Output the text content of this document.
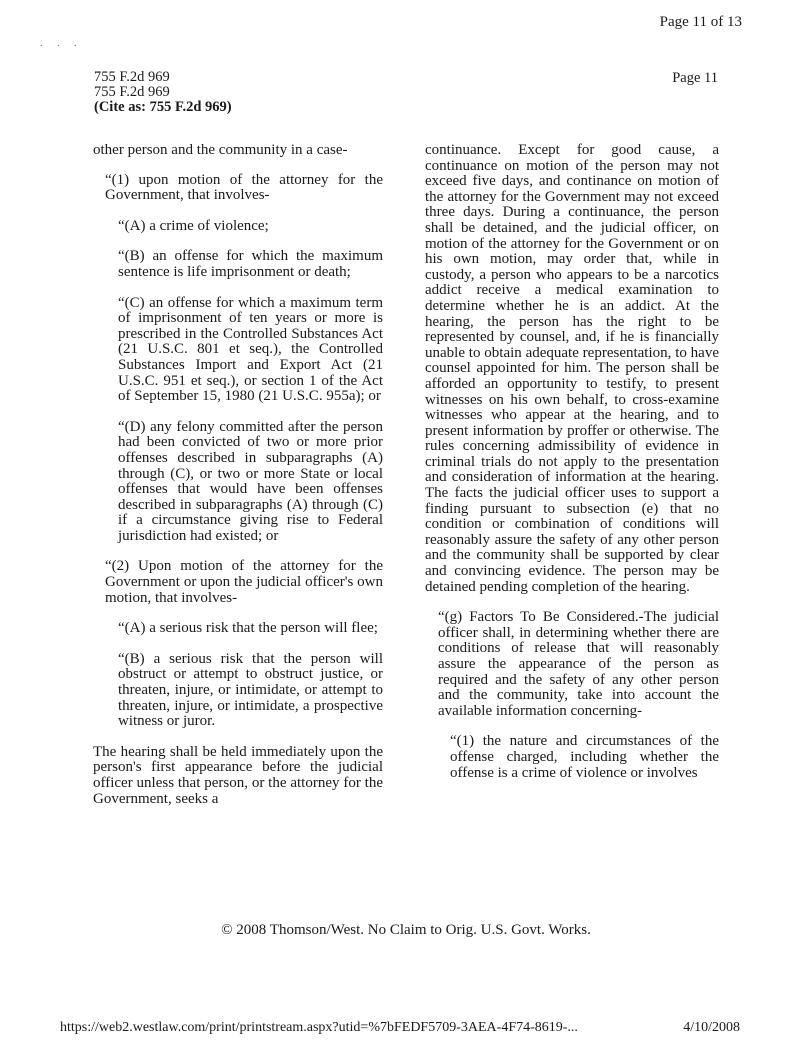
Page 11 of 13
. . .
755 F.2d 969
755 F.2d 969
(Cite as: 755 F.2d 969)
Page 11

other person and the community in a case-

“(1) upon motion of the attorney for the Government, that involves-

“(A) a crime of violence;

“(B) an offense for which the maximum sentence is life imprisonment or death;

“(C) an offense for which a maximum term of imprisonment of ten years or more is prescribed in the Controlled Substances Act (21 U.S.C. 801 et seq.), the Controlled Substances Import and Export Act (21 U.S.C. 951 et seq.), or section 1 of the Act of September 15, 1980 (21 U.S.C. 955a); or

“(D) any felony committed after the person had been convicted of two or more prior offenses described in subparagraphs (A) through (C), or two or more State or local offenses that would have been offenses described in subparagraphs (A) through (C) if a circumstance giving rise to Federal jurisdiction had existed; or

“(2) Upon motion of the attorney for the Government or upon the judicial officer's own motion, that involves-

“(A) a serious risk that the person will flee;

“(B) a serious risk that the person will obstruct or attempt to obstruct justice, or threaten, injure, or intimidate, or attempt to threaten, injure, or intimidate, a prospective witness or juror.

The hearing shall be held immediately upon the person's first appearance before the judicial officer unless that person, or the attorney for the Government, seeks a

continuance. Except for good cause, a continuance on motion of the person may not exceed five days, and continance on motion of the attorney for the Government may not exceed three days. During a continuance, the person shall be detained, and the judicial officer, on motion of the attorney for the Government or on his own motion, may order that, while in custody, a person who appears to be a narcotics addict receive a medical examination to determine whether he is an addict. At the hearing, the person has the right to be represented by counsel, and, if he is financially unable to obtain adequate representation, to have counsel appointed for him. The person shall be afforded an opportunity to testify, to present witnesses on his own behalf, to cross-examine witnesses who appear at the hearing, and to present information by proffer or otherwise. The rules concerning admissibility of evidence in criminal trials do not apply to the presentation and consideration of information at the hearing. The facts the judicial officer uses to support a finding pursuant to subsection (e) that no condition or combination of conditions will reasonably assure the safety of any other person and the community shall be supported by clear and convincing evidence. The person may be detained pending completion of the hearing.

“(g) Factors To Be Considered.-The judicial officer shall, in determining whether there are conditions of release that will reasonably assure the appearance of the person as required and the safety of any other person and the community, take into account the available information concerning-

“(1) the nature and circumstances of the offense charged, including whether the offense is a crime of violence or involves

© 2008 Thomson/West. No Claim to Orig. U.S. Govt. Works.
https://web2.westlaw.com/print/printstream.aspx?utid=%7bFEDF5709-3AEA-4F74-8619-...	4/10/2008
